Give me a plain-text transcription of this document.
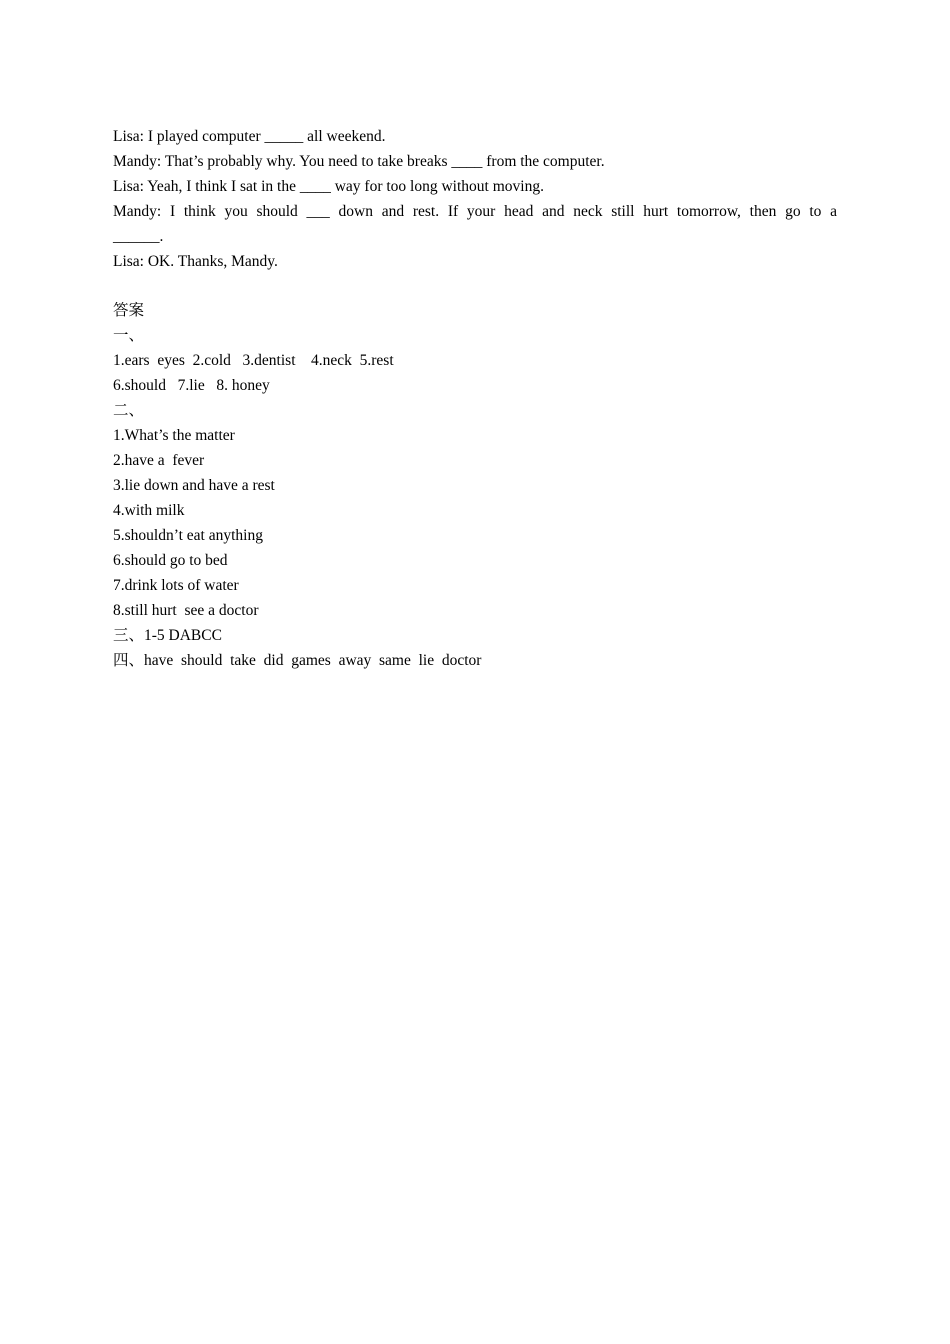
Lisa: I played computer _____ all weekend.
Mandy: That’s probably why. You need to take breaks ____ from the computer.
Lisa: Yeah, I think I sat in the ____ way for too long without moving.
Mandy: I think you should ___ down and rest. If your head and neck still hurt tomorrow, then go to a
______.
Lisa: OK. Thanks, Mandy.
答案
一、
1.ears  eyes  2.cold   3.dentist    4.neck  5.rest
6.should   7.lie   8. honey
二、
1.What’s the matter
2.have a  fever
3.lie down and have a rest
4.with milk
5.shouldn’t eat anything
6.should go to bed
7.drink lots of water
8.still hurt  see a doctor
三、1-5 DABCC
四、have  should  take  did  games  away  same  lie  doctor
